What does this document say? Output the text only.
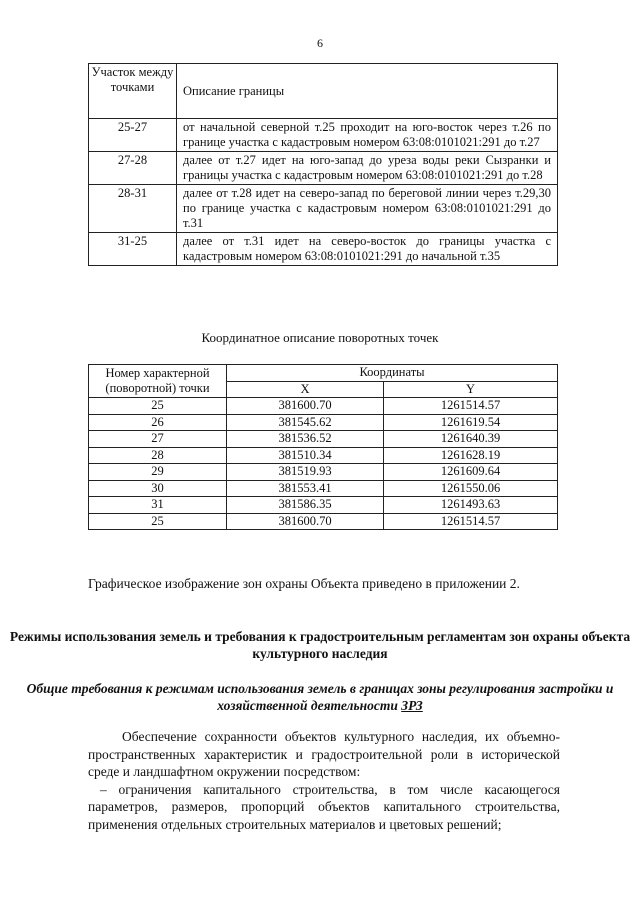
6
Участок между точками	Описание границы
25-27	от начальной северной т.25 проходит на юго-восток через т.26 по границе участка с кадастровым номером 63:08:0101021:291 до т.27
27-28	далее от т.27 идет на юго-запад до уреза воды реки Сызранки и границы участка с кадастровым номером 63:08:0101021:291 до т.28
28-31	далее от т.28 идет на северо-запад по береговой линии через т.29,30 по границе участка с кадастровым номером 63:08:0101021:291 до т.31
31-25	далее от т.31 идет на северо-восток до границы участка с кадастровым номером 63:08:0101021:291 до начальной т.35
Координатное описание поворотных точек
Номер характерной (поворотной) точки	Координаты	
	X	Y
25	381600.70	1261514.57
26	381545.62	1261619.54
27	381536.52	1261640.39
28	381510.34	1261628.19
29	381519.93	1261609.64
30	381553.41	1261550.06
31	381586.35	1261493.63
25	381600.70	1261514.57
Графическое изображение зон охраны Объекта приведено в приложении 2.
Режимы использования земель и требования к градостроительным регламентам зон охраны объекта культурного наследия
Общие требования к режимам использования земель в границах зоны регулирования застройки и хозяйственной деятельности ЗРЗ

Обеспечение сохранности объектов культурного наследия, их объемно-пространственных характеристик и градостроительной роли в исторической среде и ландшафтном окружении посредством:

– ограничения капитального строительства, в том числе касающегося параметров, размеров, пропорций объектов капитального строительства, применения отдельных строительных материалов и цветовых решений;
